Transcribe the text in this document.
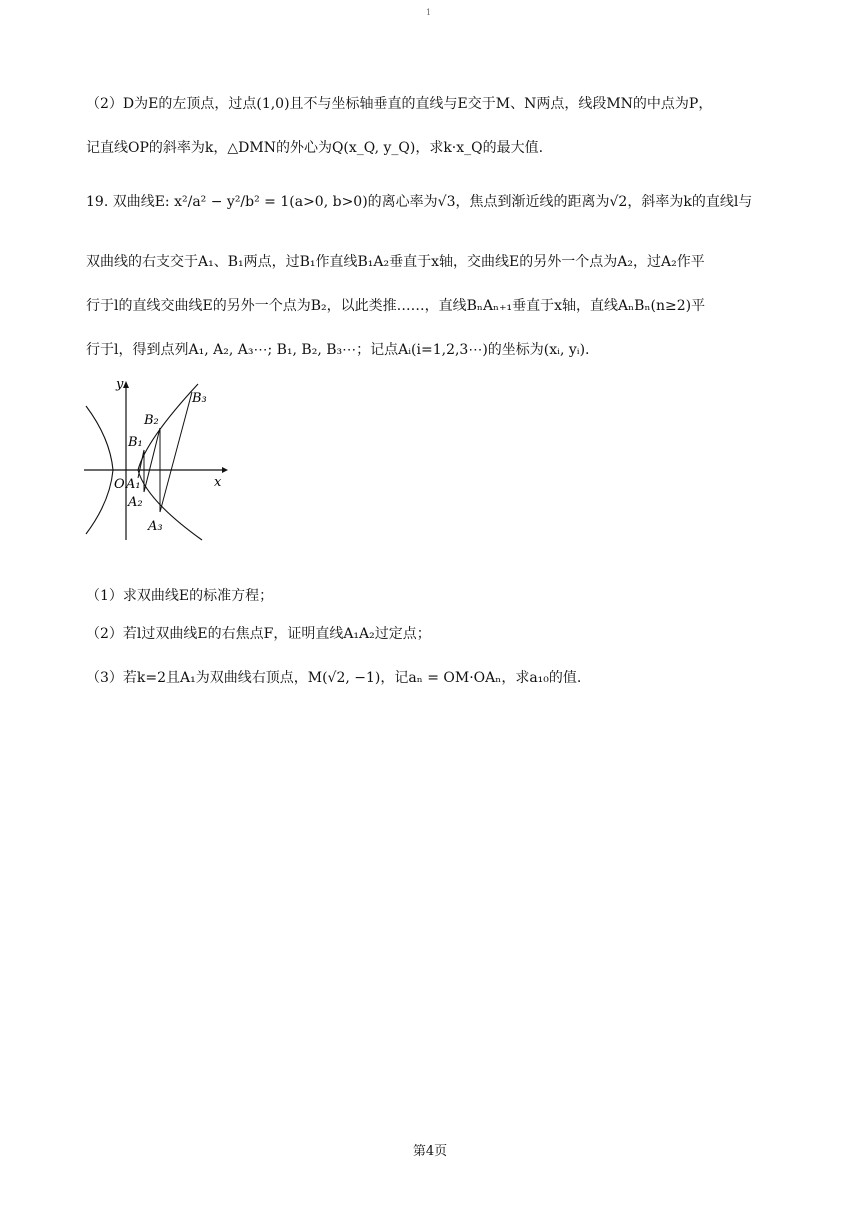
1
（2）D为E的左顶点，过点(1,0)且不与坐标轴垂直的直线与E交于M、N两点，线段MN的中点为P，
记直线OP的斜率为k，△DMN的外心为Q(x_Q, y_Q)，求k·x_Q的最大值.
19. 双曲线E: x²/a² − y²/b² = 1(a>0, b>0)的离心率为√3，焦点到渐近线的距离为√2，斜率为k的直线l与
双曲线的右支交于A₁、B₁两点，过B₁作直线B₁A₂垂直于x轴，交曲线E的另外一个点为A₂，过A₂作平
行于l的直线交曲线E的另外一个点为B₂，以此类推……，直线BₙAₙ₊₁垂直于x轴，直线AₙBₙ(n≥2)平
行于l，得到点列A₁, A₂, A₃⋯; B₁, B₂, B₃⋯；记点Aᵢ(i=1,2,3⋯)的坐标为(xᵢ, yᵢ).
y
x
O A₁
A₂
A₃
B₁
B₂
B₃
（1）求双曲线E的标准方程；
（2）若l过双曲线E的右焦点F，证明直线A₁A₂过定点；
（3）若k=2且A₁为双曲线右顶点，M(√2, −1)，记aₙ = OM·OAₙ，求a₁₀的值.
第4页
